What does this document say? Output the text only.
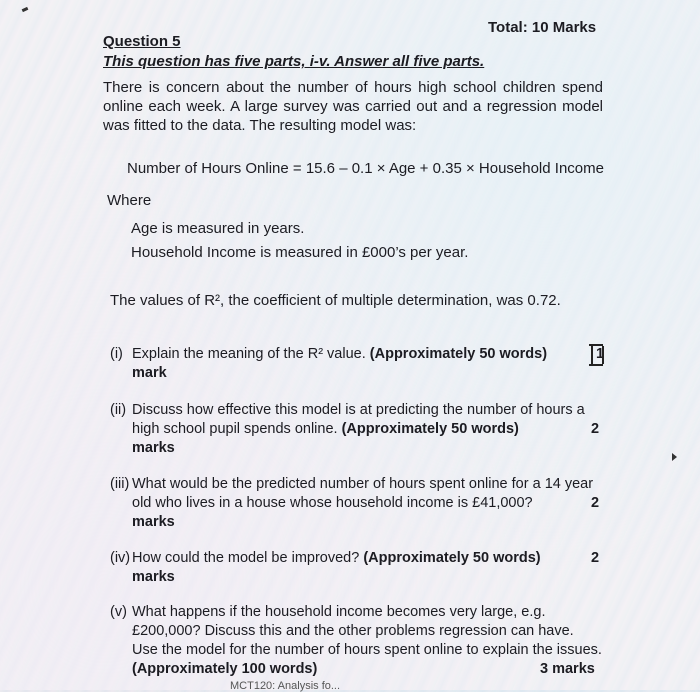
Total: 10 Marks
Question 5
This question has five parts, i-v. Answer all five parts.
There is concern about the number of hours high school children spend online each week. A large survey was carried out and a regression model was fitted to the data. The resulting model was:
Number of Hours Online = 15.6 – 0.1 × Age + 0.35 × Household Income
Where
Age is measured in years.
Household Income is measured in £000’s per year.
The values of R², the coefficient of multiple determination, was 0.72.
(i) Explain the meaning of the R² value. (Approximately 50 words)	1
mark
(ii) Discuss how effective this model is at predicting the number of hours a
high school pupil spends online. (Approximately 50 words)	2
marks
(iii) What would be the predicted number of hours spent online for a 14 year
old who lives in a house whose household income is £41,000?	2
marks
(iv) How could the model be improved? (Approximately 50 words)	2
marks
(v) What happens if the household income becomes very large, e.g.
£200,000? Discuss this and the other problems regression can have.
Use the model for the number of hours spent online to explain the issues.
(Approximately 100 words)	3 marks
MCT120: Analysis fo...
